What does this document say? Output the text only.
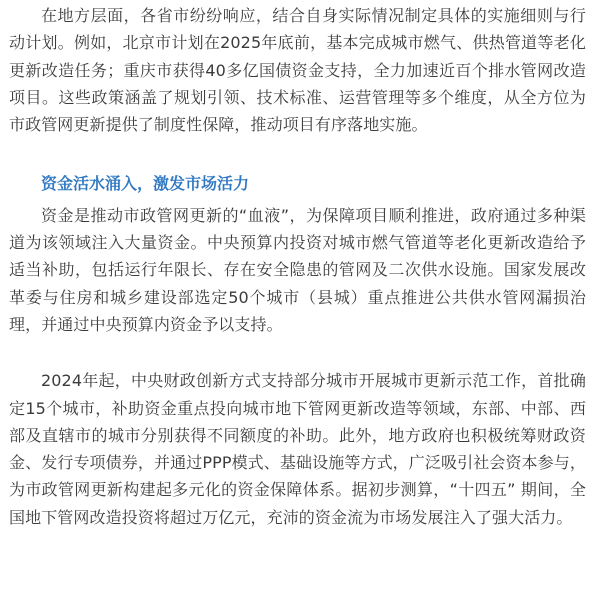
在地方层面，各省市纷纷响应，结合自身实际情况制定具体的实施细则与行动计划。例如，北京市计划在2025年底前，基本完成城市燃气、供热管道等老化更新改造任务；重庆市获得40多亿国债资金支持，全力加速近百个排水管网改造项目。这些政策涵盖了规划引领、技术标准、运营管理等多个维度，从全方位为市政管网更新提供了制度性保障，推动项目有序落地实施。

资金活水涌入，激发市场活力

资金是推动市政管网更新的“血液”，为保障项目顺利推进，政府通过多种渠道为该领域注入大量资金。中央预算内投资对城市燃气管道等老化更新改造给予适当补助，包括运行年限长、存在安全隐患的管网及二次供水设施。国家发展改革委与住房和城乡建设部选定50个城市（县城）重点推进公共供水管网漏损治理，并通过中央预算内资金予以支持。

2024年起，中央财政创新方式支持部分城市开展城市更新示范工作，首批确定15个城市，补助资金重点投向城市地下管网更新改造等领域，东部、中部、西部及直辖市的城市分别获得不同额度的补助。此外，地方政府也积极统筹财政资金、发行专项债券，并通过PPP模式、基础设施等方式，广泛吸引社会资本参与，为市政管网更新构建起多元化的资金保障体系。据初步测算，“十四五” 期间，全国地下管网改造投资将超过万亿元，充沛的资金流为市场发展注入了强大活力。
